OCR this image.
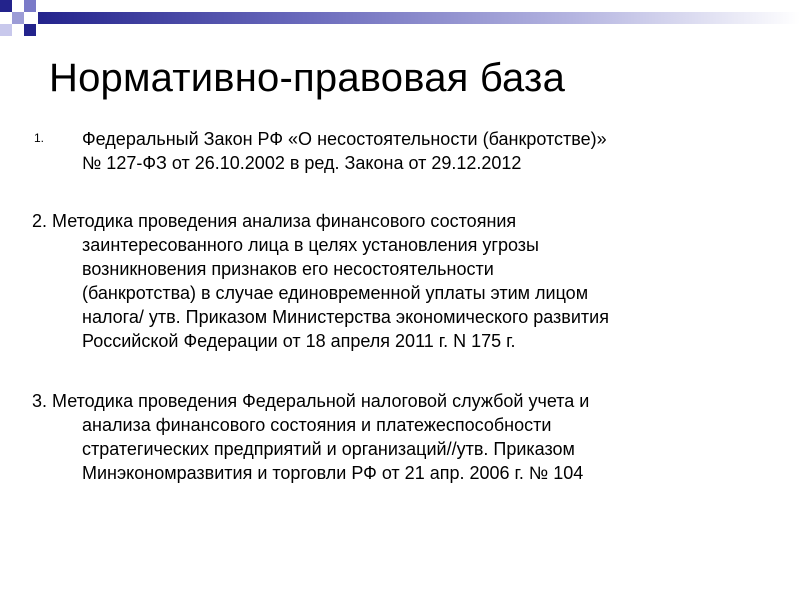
Нормативно-правовая база
1. Федеральный Закон РФ «О несостоятельности (банкротстве)»
№ 127-ФЗ от 26.10.2002 в ред. Закона от 29.12.2012
2. Методика проведения анализа финансового состояния
заинтересованного лица в целях установления угрозы
возникновения признаков его несостоятельности
(банкротства) в случае единовременной уплаты этим лицом
налога/ утв. Приказом Министерства экономического развития
Российской Федерации от 18 апреля 2011 г. N 175 г.
3. Методика проведения Федеральной налоговой службой учета и
анализа финансового состояния и платежеспособности
стратегических предприятий и организаций//утв. Приказом
Минэкономразвития и торговли РФ от 21 апр. 2006 г. № 104
